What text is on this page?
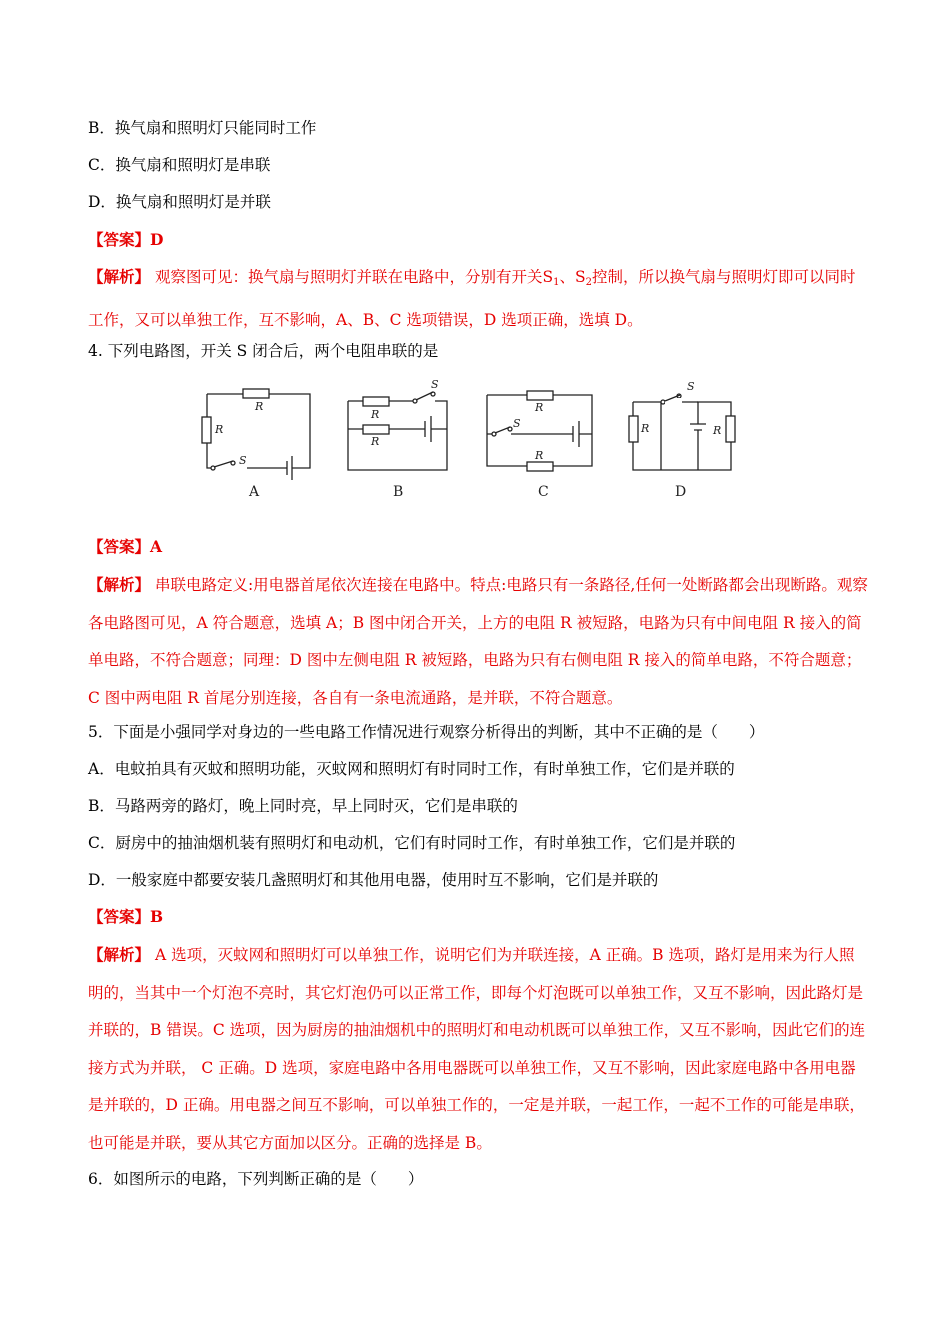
B．换气扇和照明灯只能同时工作
C．换气扇和照明灯是串联
D．换气扇和照明灯是并联
【答案】D
【解析】 观察图可见：换气扇与照明灯并联在电路中，分别有开关$S_1$、$S_2$控制，所以换气扇与照明灯即可以同时工作，又可以单独工作，互不影响，A、B、C 选项错误，D 选项正确，选填 D。
4. 下列电路图，开关 S 闭合后，两个电阻串联的是
R
R
S
A
R
R
S
B
R
R
S
C
R	R
S
D
【答案】A
【解析】 串联电路定义:用电器首尾依次连接在电路中。特点:电路只有一条路径,任何一处断路都会出现断路。观察各电路图可见，A 符合题意，选填 A；B 图中闭合开关，上方的电阻 R 被短路，电路为只有中间电阻 R 接入的简单电路，不符合题意；同理：D 图中左侧电阻 R 被短路，电路为只有右侧电阻 R 接入的简单电路，不符合题意；C 图中两电阻 R 首尾分别连接，各自有一条电流通路，是并联，不符合题意。
5．下面是小强同学对身边的一些电路工作情况进行观察分析得出的判断，其中不正确的是（　　）
A．电蚊拍具有灭蚊和照明功能，灭蚊网和照明灯有时同时工作，有时单独工作，它们是并联的
B．马路两旁的路灯，晚上同时亮，早上同时灭，它们是串联的
C．厨房中的抽油烟机装有照明灯和电动机，它们有时同时工作，有时单独工作，它们是并联的
D．一般家庭中都要安装几盏照明灯和其他用电器，使用时互不影响，它们是并联的
【答案】B
【解析】 A 选项，灭蚊网和照明灯可以单独工作，说明它们为并联连接，A 正确。B 选项，路灯是用来为行人照明的，当其中一个灯泡不亮时，其它灯泡仍可以正常工作，即每个灯泡既可以单独工作，又互不影响，因此路灯是并联的，B 错误。C 选项，因为厨房的抽油烟机中的照明灯和电动机既可以单独工作，又互不影响，因此它们的连接方式为并联， C 正确。D 选项，家庭电路中各用电器既可以单独工作，又互不影响，因此家庭电路中各用电器是并联的，D 正确。用电器之间互不影响，可以单独工作的，一定是并联，一起工作，一起不工作的可能是串联，也可能是并联，要从其它方面加以区分。正确的选择是 B。
6．如图所示的电路，下列判断正确的是（　　）
